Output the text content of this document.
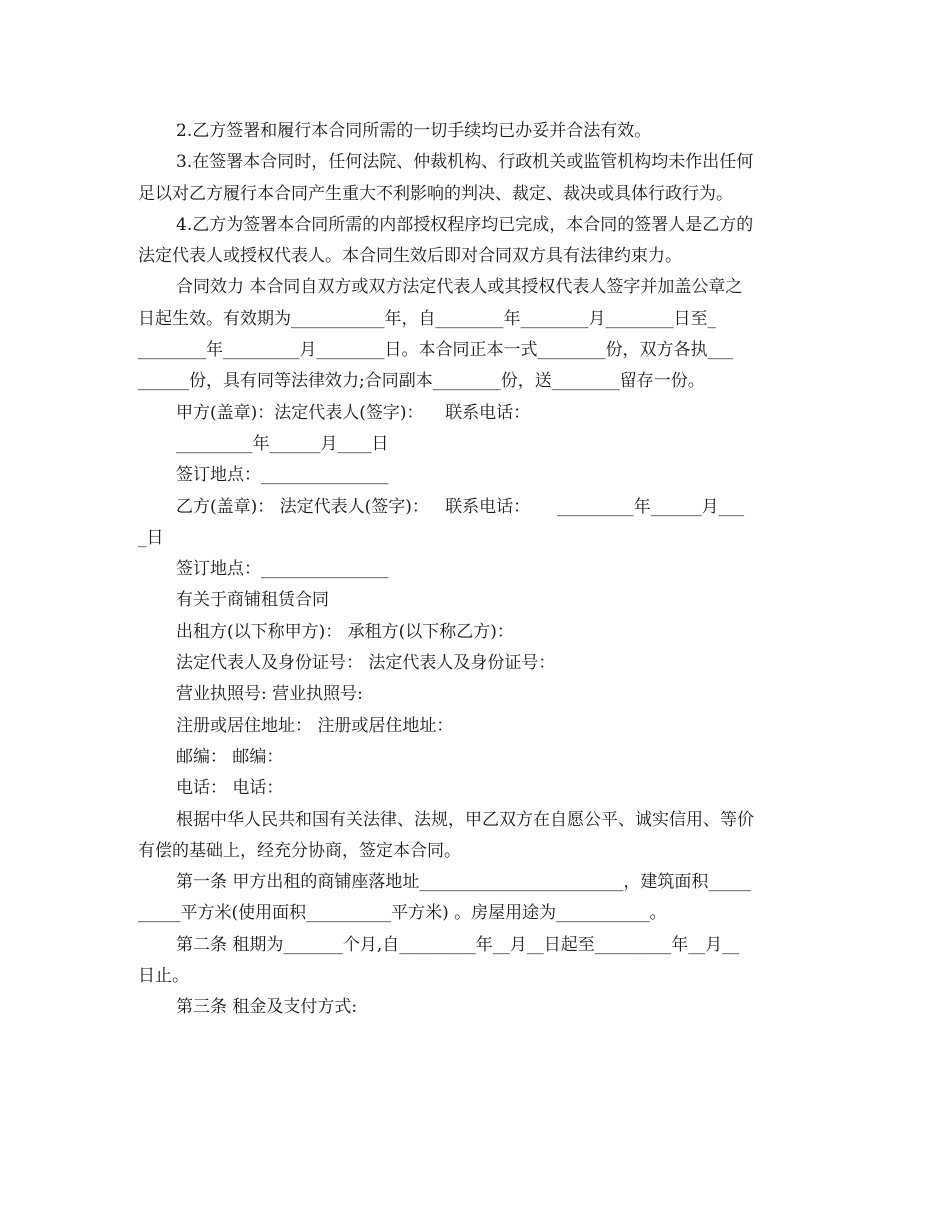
2.乙方签署和履行本合同所需的一切手续均已办妥并合法有效。
3.在签署本合同时，任何法院、仲裁机构、行政机关或监管机构均未作出任何
足以对乙方履行本合同产生重大不利影响的判决、裁定、裁决或具体行政行为。
4.乙方为签署本合同所需的内部授权程序均已完成，本合同的签署人是乙方的
法定代表人或授权代表人。本合同生效后即对合同双方具有法律约束力。
合同效力 本合同自双方或双方法定代表人或其授权代表人签字并加盖公章之
日起生效。有效期为___________年，自________年________月________日至_
________年_________月________日。本合同正本一式________份，双方各执___
______份，具有同等法律效力;合同副本________份，送________留存一份。
甲方(盖章)：法定代表人(签字)：    联系电话：
_________年______月____日
签订地点：_______________
乙方(盖章)： 法定代表人(签字)：   联系电话：     _________年______月___
_日
签订地点：_______________
有关于商铺租赁合同
出租方(以下称甲方)： 承租方(以下称乙方)：
法定代表人及身份证号： 法定代表人及身份证号：
营业执照号: 营业执照号:
注册或居住地址： 注册或居住地址：
邮编： 邮编：
电话： 电话：
根据中华人民共和国有关法律、法规，甲乙双方在自愿公平、诚实信用、等价
有偿的基础上，经充分协商，签定本合同。
第一条 甲方出租的商铺座落地址________________________，建筑面积_____
_____平方米(使用面积__________平方米) 。房屋用途为___________。
第二条 租期为_______个月,自_________年__月__日起至_________年__月__
日止。
第三条 租金及支付方式:
